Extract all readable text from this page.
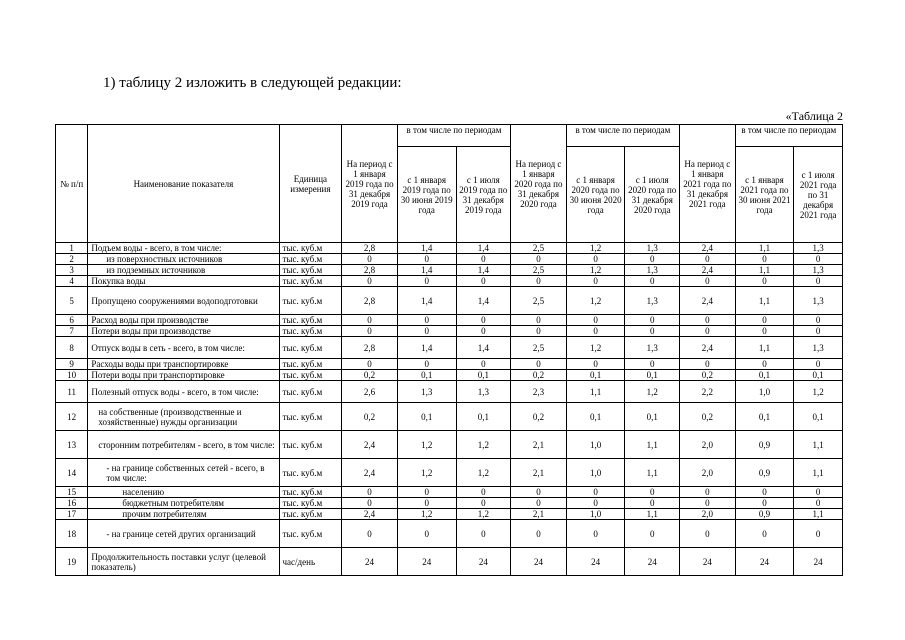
1) таблицу 2 изложить в следующей редакции:
«Таблица 2
№ п/п	Наименование показателя	Единица измерения	На период с 1 января 2019 года по 31 декабря 2019 года	в том числе по периодам		На период с 1 января 2020 года по 31 декабря 2020 года	в том числе по периодам		На период с 1 января 2021 года по 31 декабря 2021 года	в том числе по периодам	
				с 1 января 2019 года по 30 июня 2019 года	с 1 июля 2019 года по 31 декабря 2019 года		с 1 января 2020 года по 30 июня 2020 года	с 1 июля 2020 года по 31 декабря 2020 года		с 1 января 2021 года по 30 июня 2021 года	с 1 июля 2021 года по 31 декабря 2021 года
1	Подъем воды - всего, в том числе:	тыс. куб.м	2,8	1,4	1,4	2,5	1,2	1,3	2,4	1,1	1,3
2	из поверхностных источников	тыс. куб.м	0	0	0	0	0	0	0	0	0
3	из подземных источников	тыс. куб.м	2,8	1,4	1,4	2,5	1,2	1,3	2,4	1,1	1,3
4	Покупка воды	тыс. куб.м	0	0	0	0	0	0	0	0	0
5	Пропущено сооружениями водоподготовки	тыс. куб.м	2,8	1,4	1,4	2,5	1,2	1,3	2,4	1,1	1,3
6	Расход воды при производстве	тыс. куб.м	0	0	0	0	0	0	0	0	0
7	Потери воды при производстве	тыс. куб.м	0	0	0	0	0	0	0	0	0
8	Отпуск воды в сеть - всего, в том числе:	тыс. куб.м	2,8	1,4	1,4	2,5	1,2	1,3	2,4	1,1	1,3
9	Расходы воды при транспортировке	тыс. куб.м	0	0	0	0	0	0	0	0	0
10	Потери воды при транспортировке	тыс. куб.м	0,2	0,1	0,1	0,2	0,1	0,1	0,2	0,1	0,1
11	Полезный отпуск воды - всего, в том числе:	тыс. куб.м	2,6	1,3	1,3	2,3	1,1	1,2	2,2	1,0	1,2
12	на собственные (производственные и хозяйственные) нужды организации	тыс. куб.м	0,2	0,1	0,1	0,2	0,1	0,1	0,2	0,1	0,1
13	сторонним потребителям - всего, в том числе:	тыс. куб.м	2,4	1,2	1,2	2,1	1,0	1,1	2,0	0,9	1,1
14	- на границе собственных сетей - всего, в том числе:	тыс. куб.м	2,4	1,2	1,2	2,1	1,0	1,1	2,0	0,9	1,1
15	населению	тыс. куб.м	0	0	0	0	0	0	0	0	0
16	бюджетным потребителям	тыс. куб.м	0	0	0	0	0	0	0	0	0
17	прочим потребителям	тыс. куб.м	2,4	1,2	1,2	2,1	1,0	1,1	2,0	0,9	1,1
18	- на границе сетей других организаций	тыс. куб.м	0	0	0	0	0	0	0	0	0
19	Продолжительность поставки услуг (целевой показатель)	час/день	24	24	24	24	24	24	24	24	24
